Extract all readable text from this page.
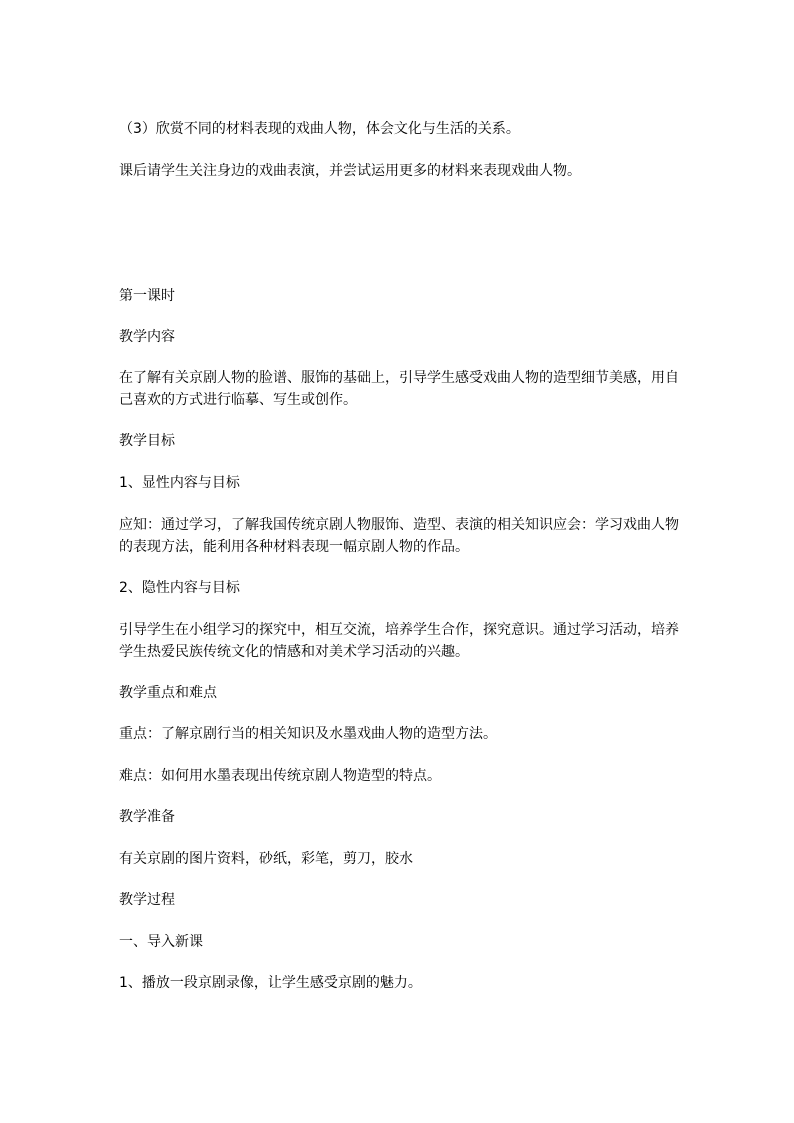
（3）欣赏不同的材料表现的戏曲人物，体会文化与生活的关系。

课后请学生关注身边的戏曲表演，并尝试运用更多的材料来表现戏曲人物。

第一课时

教学内容

在了解有关京剧人物的脸谱、服饰的基础上，引导学生感受戏曲人物的造型细节美感，用自己喜欢的方式进行临摹、写生或创作。

教学目标

1、显性内容与目标

应知：通过学习，了解我国传统京剧人物服饰、造型、表演的相关知识应会：学习戏曲人物的表现方法，能利用各种材料表现一幅京剧人物的作品。

2、隐性内容与目标

引导学生在小组学习的探究中，相互交流，培养学生合作，探究意识。通过学习活动，培养学生热爱民族传统文化的情感和对美术学习活动的兴趣。

教学重点和难点

重点：了解京剧行当的相关知识及水墨戏曲人物的造型方法。

难点：如何用水墨表现出传统京剧人物造型的特点。

教学准备

有关京剧的图片资料，砂纸，彩笔，剪刀，胶水

教学过程

一、导入新课

1、播放一段京剧录像，让学生感受京剧的魅力。
